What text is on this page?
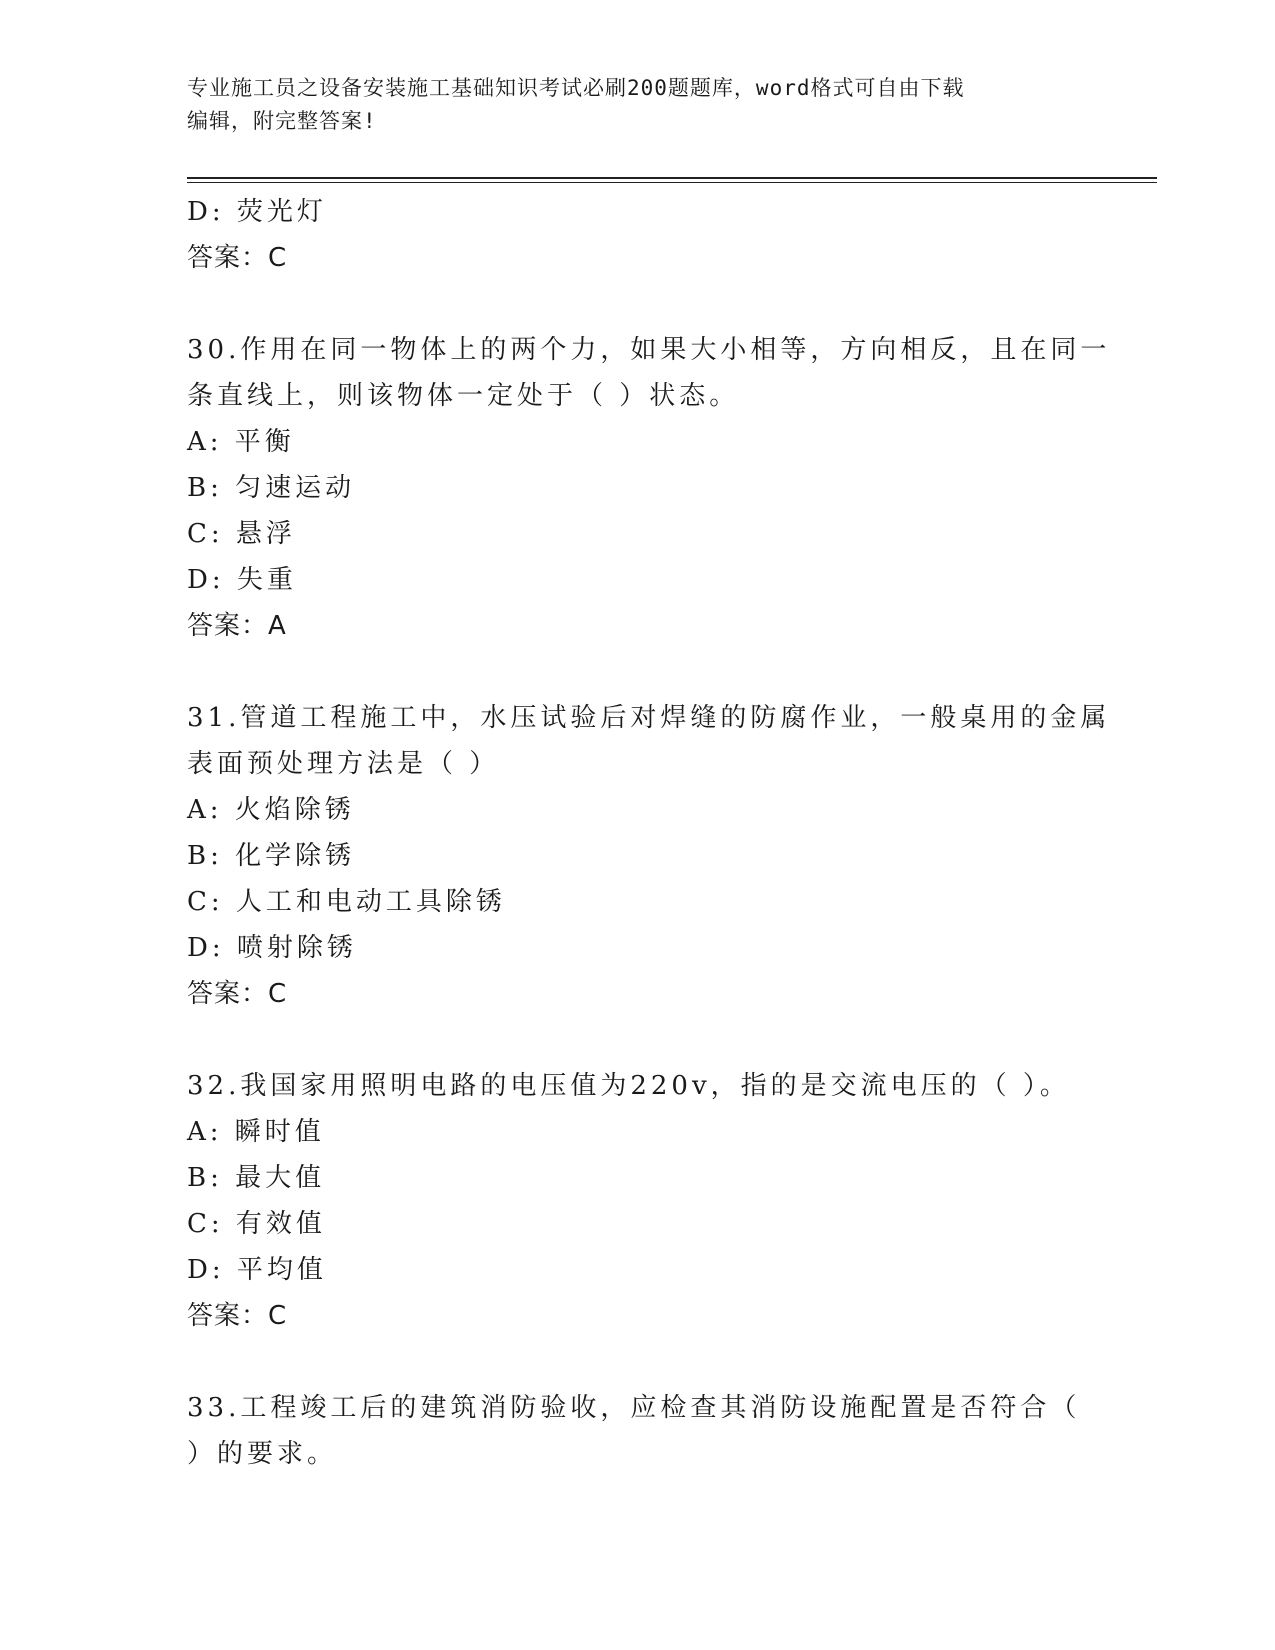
专业施工员之设备安装施工基础知识考试必刷200题题库，word格式可自由下载
编辑，附完整答案!
D: 荧光灯
答案：C
30.作用在同一物体上的两个力，如果大小相等，方向相反，且在同一
条直线上，则该物体一定处于（ ）状态。
A: 平衡
B: 匀速运动
C: 悬浮
D: 失重
答案：A
31.管道工程施工中，水压试验后对焊缝的防腐作业，一般桌用的金属
表面预处理方法是（ ）
A: 火焰除锈
B: 化学除锈
C: 人工和电动工具除锈
D: 喷射除锈
答案：C
32.我国家用照明电路的电压值为220v，指的是交流电压的（ ）。
A: 瞬时值
B: 最大值
C: 有效值
D: 平均值
答案：C
33.工程竣工后的建筑消防验收，应检查其消防设施配置是否符合（
）的要求。
